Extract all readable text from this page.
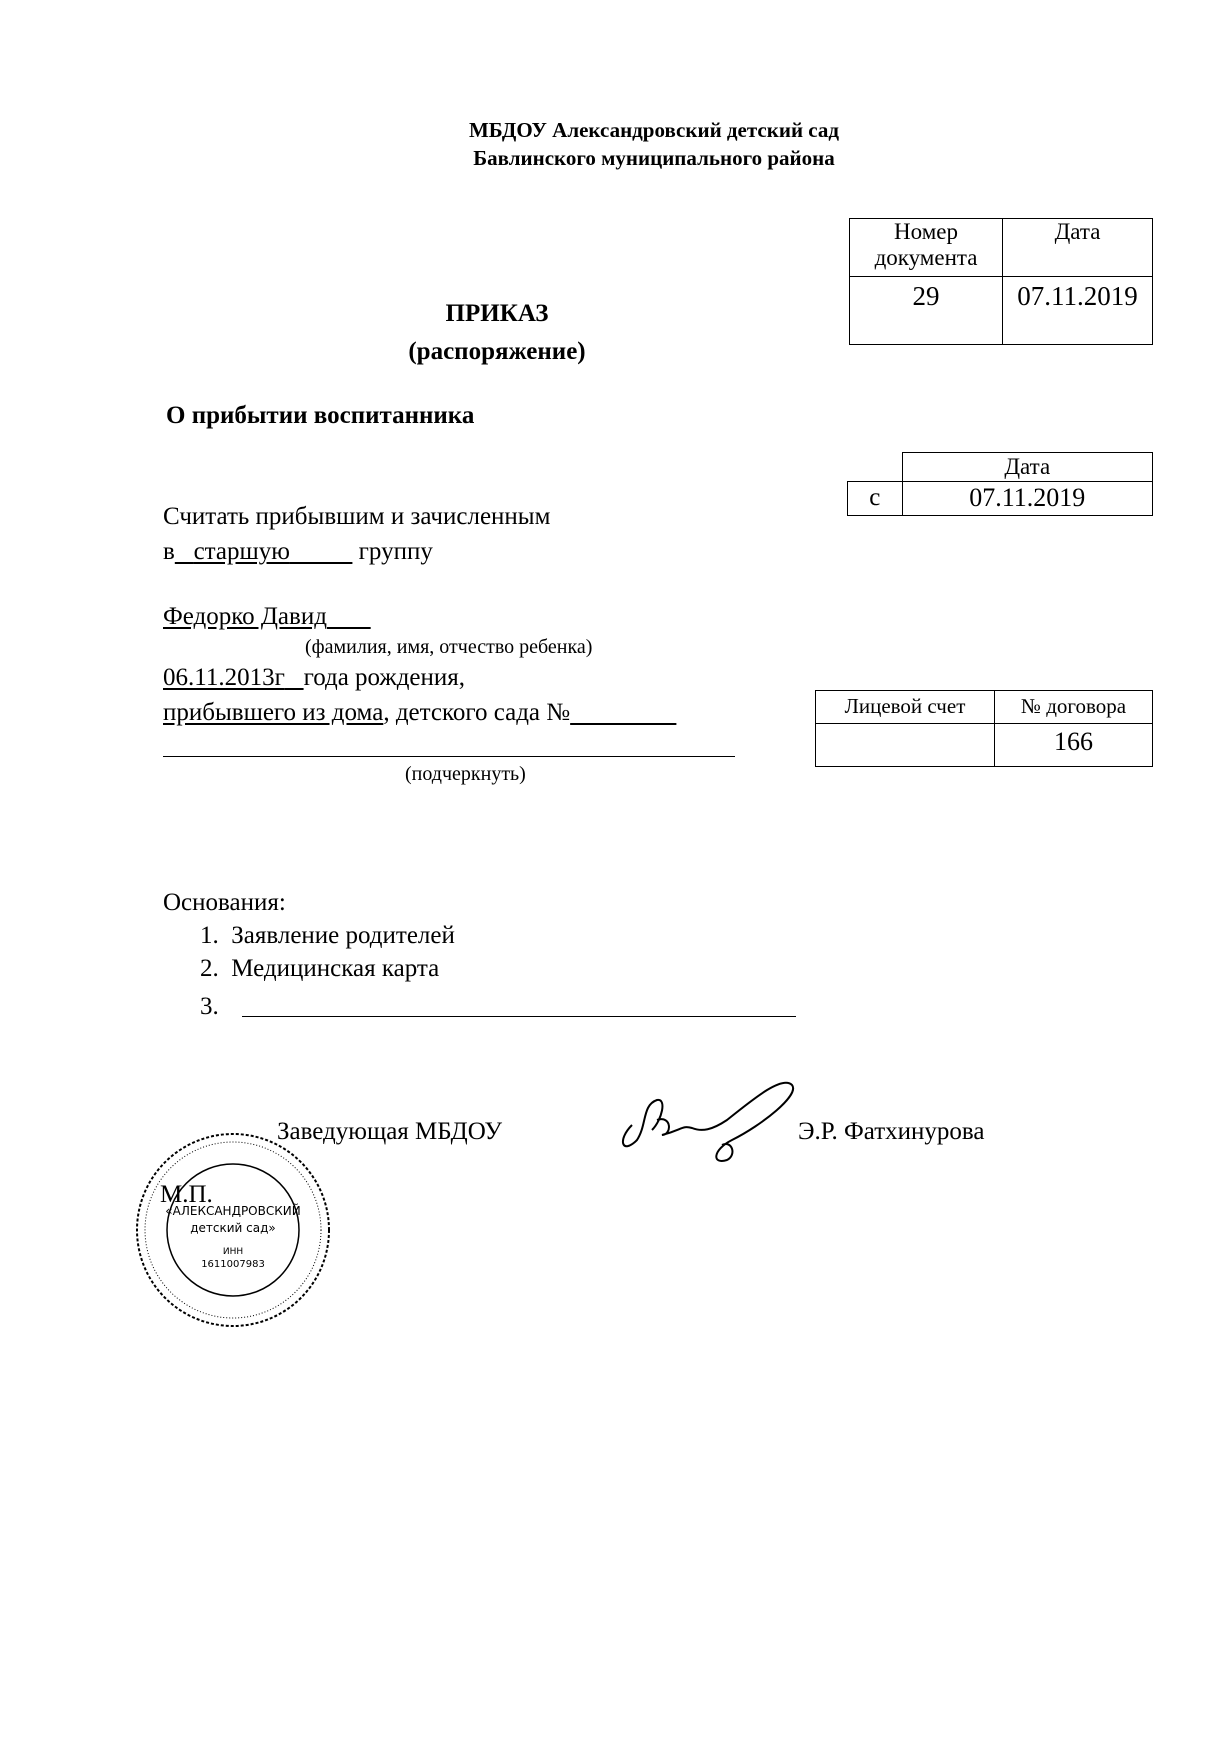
МБДОУ Александровский детский сад
Бавлинского муниципального района
Номер документа	Дата
29	07.11.2019
ПРИКАЗ
(распоряжение)
О прибытии воспитанника
	Дата
с	07.11.2019
Считать прибывшим и зачисленным
в старшую	группу
Федорко Давид
(фамилия, имя, отчество ребенка)
06.11.2013г года рождения,
прибывшего из дома, детского сада №
(подчеркнуть)
Лицевой счет	№ договора
	166
Основания:
1.  Заявление родителей
2.  Медицинская карта
3.
«АЛЕКСАНДРОВСКИЙ
детский сад»
ИНН
1611007983
Заведующая МБДОУ
М.П.
Э.Р. Фатхинурова
